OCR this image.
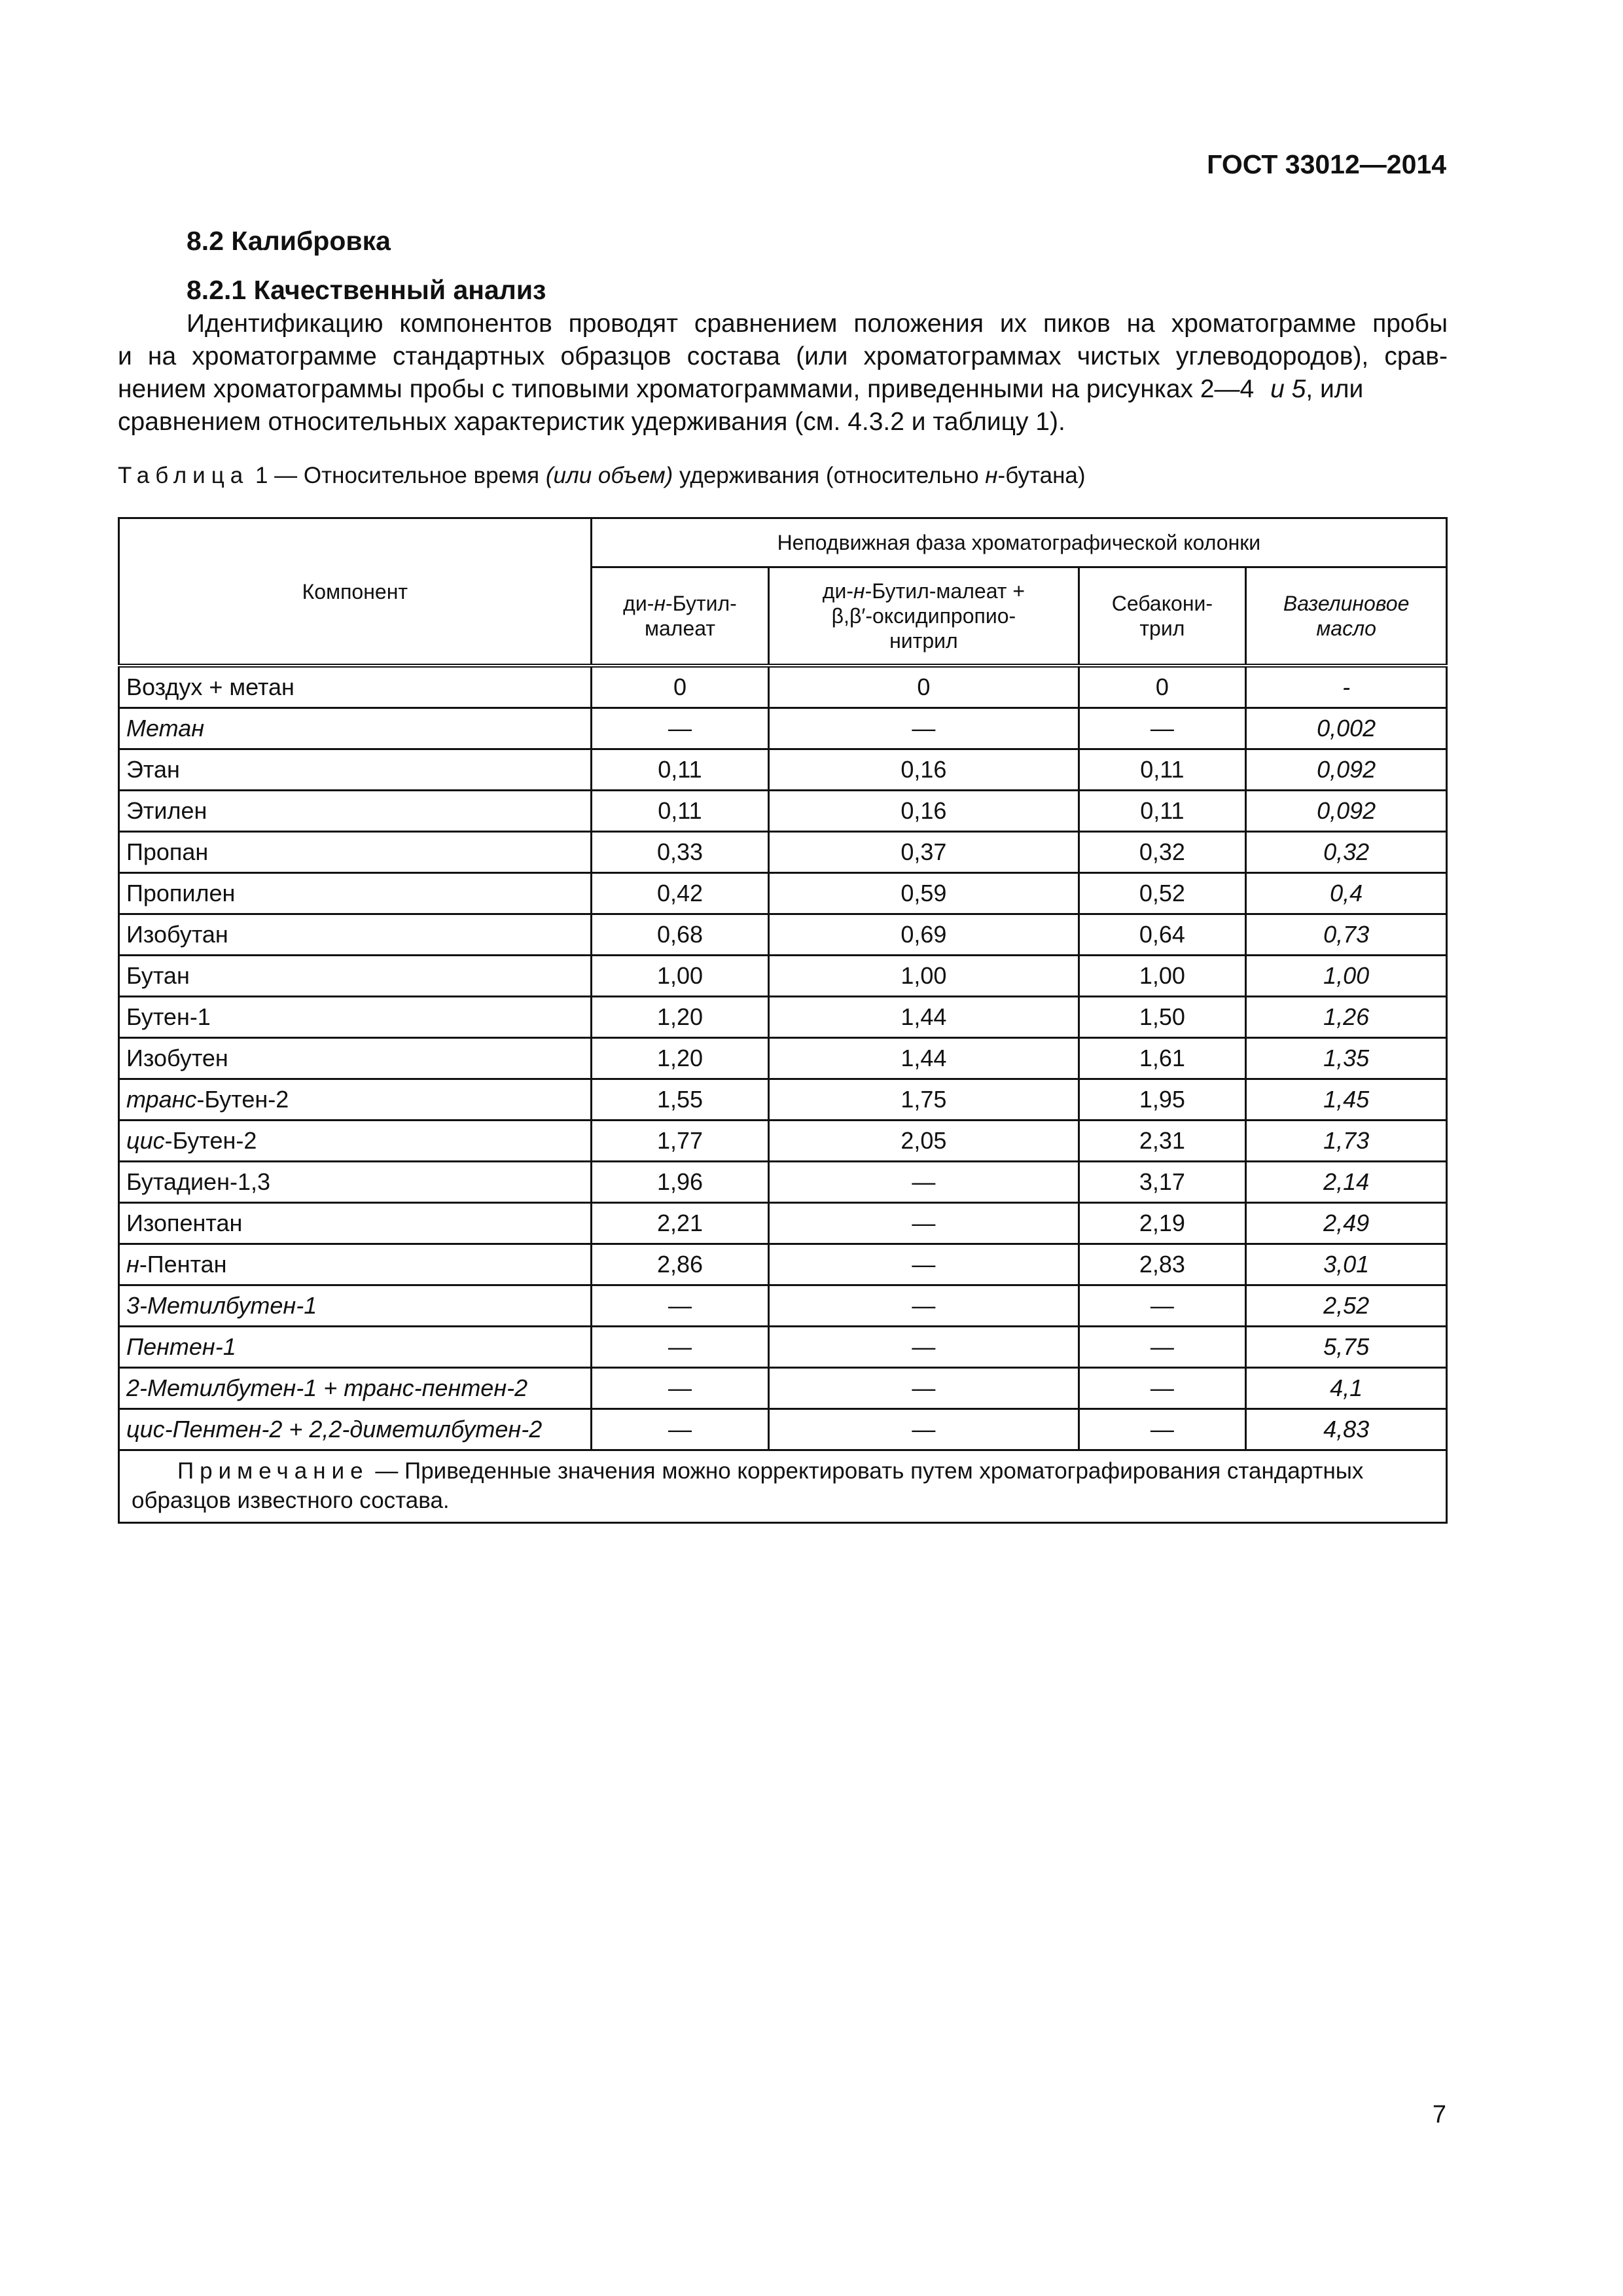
ГОСТ 33012—2014
8.2 Калибровка
8.2.1 Качественный анализ
Идентификацию компонентов проводят сравнением положения их пиков на хроматограмме пробы
и на хроматограмме стандартных образцов состава (или хроматограммах чистых углеводородов), срав-
нением хроматограммы пробы с типовыми хроматограммами, приведенными на рисунках 2—4 и 5, или
сравнением относительных характеристик удерживания (см. 4.3.2 и таблицу 1).
Таблица 1 — Относительное время (или объем) удерживания (относительно н-бутана)
Компонент	Неподвижная фаза хроматографической колонки			
	ди-н-Бутил-
малеат	ди-н-Бутил-малеат +
β,β′-оксидипропио-
нитрил	Себакони-
трил	Вазелиновое
масло
Воздух + метан	0	0	0	-
Метан	—	—	—	0,002
Этан	0,11	0,16	0,11	0,092
Этилен	0,11	0,16	0,11	0,092
Пропан	0,33	0,37	0,32	0,32
Пропилен	0,42	0,59	0,52	0,4
Изобутан	0,68	0,69	0,64	0,73
Бутан	1,00	1,00	1,00	1,00
Бутен-1	1,20	1,44	1,50	1,26
Изобутен	1,20	1,44	1,61	1,35
транс-Бутен-2	1,55	1,75	1,95	1,45
цис-Бутен-2	1,77	2,05	2,31	1,73
Бутадиен-1,3	1,96	—	3,17	2,14
Изопентан	2,21	—	2,19	2,49
н-Пентан	2,86	—	2,83	3,01
3-Метилбутен-1	—	—	—	2,52
Пентен-1	—	—	—	5,75
2-Метилбутен-1 + транс-пентен-2	—	—	—	4,1
цис-Пентен-2 + 2,2-диметилбутен-2	—	—	—	4,83

Примечание — Приведенные значения можно корректировать путем хроматографирования стандартных
образцов известного состава.				
7
